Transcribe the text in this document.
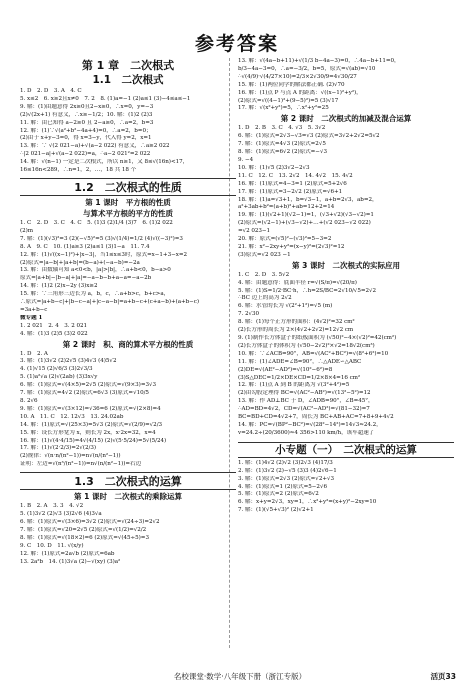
参考答案
第 1 章　二次根式
1.1　二次根式
1. D　2. D　3. A　4. C
5. x≤2　6. x≥2且x≠0　7. 2　8. (1)a=−1 (2)a≤1 (3)−4≤a≤−1
9. 解：(1)由题意得 2x≥0且2−x≥0，∴x=0，y=−3
(2)√(2x+1) 有意义，∴x≥−1/2；10. 解：(1)2 (2)3
11. 解：由已知得 a−2≥0 且 2−a≥0，∴a=2，b=3
12. 解：(1)∵√(a²+b²−4a+4)=0，∴a=2，b=0；
(2)由于 x+y−3=0，得 x=3−y，代入得 y=2，x=1
13. 解：∵ √(2 021−a)+√(a−2 022) 有意义，∴a≥2 022
∴|2 021−a|+√(a−2 022)=a，∴a−2 021²=2 022
14. 解：√(n−1) 一定是二次根式，所以 n≥1，又 8≤√(16n)<17，
16≤16n<289，∴n=1，2，…，18 共 18 个
1.2　二次根式的性质
第 1 课时　平方根的性质
与算术平方根的平方的性质
1. C　2. D　3. C　4. C　5. (1)3 (2)1/4 (3)7　6. (1)2 022
(2)m
7. 解：(1)(√3)²=3 (2)(−√5)²=5 (3)√(1/4)=1/2 (4)√((−3)²)=3
8. A　9. C　10. (1)a≥3 (2)a≤1 (3)1−a　11. 7.4
12. 解：(1)√((x−1)²)+|x−3|，当1≤x≤3时，原式=x−1+3−x=2
(2)原式=|a−b|+|a+b|=(b−a)+(−a−b)=−2a
13. 解：由数轴可知 a<0<b，|a|>|b|，∴a+b<0，b−a>0
原式=|a+b|−|b−a|+|a|=−a−b−b+a−a=−a−2b
14. 解：(1)2 (2)x−2y (3)x≥2
15. 解：∵三角形三边长为 a，b，c，∴a+b>c，b+c>a，
∴原式=|a+b−c|+|b−c−a|+|c−a−b|=a+b−c+(c+a−b)+(a+b−c)
=3a+b−c
微专题 1
1. 2 021　2. 4　3. 2 021
4. 解：(1)3 (2)5 (3)2 022
第 2 课时　积、商的算术平方根的性质
1. D　2. A
3. 解：(1)3√2 (2)2√5 (3)4√3 (4)5√2
4. (1)√15 (2)√6/3 (3)2√3/3
5. (1)a²√a (2)√(2ab) (3)3x√y
6. 解：(1)原式=√(4×5)=2√5 (2)原式=√(9×3)=3√3
7. 解：(1)原式=4√2 (2)原式=6√3 (3)原式=√10/5
8. 2√6
9. 解：(1)原式=√(3×12)=√36=6 (2)原式=√(2×8)=4
10. A　11. C　12. 12√3　13. 24.02ab
14. 解：(1)原式=√(25×3)=5√3 (2)原式=√(2/9)=√2/3
15. 解：设长方形宽为 x，则长为 2x，x·2x=32，x=4
16. 解：(1)√(4·4/15)=4√(4/15) (2)√(5·5/24)=5√(5/24)
17. 解：(1)√(2·2/3)=2√(2/3)
(2)规律：√(n·n/(n²−1))=n√(n/(n²−1))
证明：左边=√(n³/(n²−1))=n√(n/(n²−1))=右边
1.3　二次根式的运算
第 1 课时　二次根式的乘除运算
1. B　2. A　3. 3　4. √2
5. (1)3√2 (2)√3 (3)2√6 (4)3√a
6. 解：(1)原式=√(3×6)=3√2 (2)原式=√(24÷3)=2√2
7. 解：(1)原式=√20=2√5 (2)原式=√(1/2)=√2/2
8. 解：(1)原式=√(18×2)=6 (2)原式=√(45÷5)=3
9. C　10. D　11. √(x/y)
12. 解：(1)原式=2a√b (2)原式=6ab
13. 2a²b　14. (1)3√a (2)−√(xy) (3)a²
13. 解：√(4a−b+11)+√(1/3 b−4a−3)=0，∴4a−b+11=0，
b/3−4a−3=0，∴a=−3/2，b=5，原式=√(ab)=√10
∴√(4/9)·√(4/27×10)=2/3×2√30/9=4√30/27
15. 解：(1)两位同学的解法都正确. (2)√70
16. 解：(1)点 P 与点 A 的距离：√((x−1)²+y²)，
(2)原式=√((4−1)²+(9−5)²)=5 (3)√17
17. 解：√(x²+y²)=5，∴x²+y²=25
第 2 课时　二次根式的加减及混合运算
1. D　2. B　3. C　4. √3　5. 3√2
6. 解：(1)原式=2√3−√3=√3 (2)原式=3√2+2√2=5√2
7. 解：(1)原式=4√3 (2)原式=2√5
8. 解：(1)原式=6√2 (2)原式=−√3
9. −4
10. 解：(1)√5 (2)3√2−2√3
11. C　12. C　13. 2√2　14. 4√2　15. 4√2
16. 解：(1)原式=4−3=1 (2)原式=5+2√6
17. 解：(1)原式=3−2√2 (2)原式=√6+1
18. 解：(1)a=√3+1，b=√3−1，a+b=2√3，ab=2，
a²+3ab+b²=(a+b)²+ab=12+2=14
19. 解：(1)(√2+1)(√2−1)=1，(√3+√2)(√3−√2)=1
(2)原式=(√2−1)+(√3−√2)+…+(√2 023−√2 022)
=√2 023−1
20. 解：原式=(√5)²−(√3)²=5−3=2
21. 解：x²−2xy+y²=(x−y)²=(2√3)²=12
(3)原式=√2 023 −1
第 3 课时　二次根式的实际应用
1. C　2. D　3. 5√2
4. 解：由题意得：底面半径 r=√(S/π)=√(20/π)
5. 解：(1)S=1/2·BC·h，∴h=2S/BC=2√10/√5=2√2
∴BC 边上的高为 2√2
6. 解：水管的长为 √(2²+1²)=√5 (m)
7. 2√30
8. 解：(1)每个正方形的面积：(4√2)²=32 cm²
(2)长方形的周长为 2×(4√2+2√2)=12√2 cm
9. (1)制作长方体盒子的纸板面积为 (√50)²−4×(√2)²=42(cm²)
(2)长方体盒子的体积为 (√50−2√2)²×√2=18√2(cm³)
10. 解：∵∠ACB=90°，AB=√(AC²+BC²)=√(8²+6²)=10
11. 解：(1)∠ADE=∠B=90°，∴△ADE∽△ABC
(2)DE=√(AE²−AD²)=√(10²−6²)=8
(3)S△DEC=1/2×DE×CD=1/2×8×4=16 cm²
12. 解：(1)点 A 到 B 的距离为 √(3²+4²)=5
(2)由勾股定理得 BC=√(AC²−AB²)=√(13²−5²)=12
13. 解：作 AD⊥BC 于 D，∠ADB=90°，∠B=45°，
∴AD=BD=4√2，CD=√(AC²−AD²)=√(81−32)=7
BC=BD+CD=4√2+7，周长为 BC+AB+AC=7+8+9+4√2
14. 解：PC=√(BP²−BC²)=√(28²−14²)=14√3≈24.2，
v=24.2÷(20/3600)≈4 356>110 km/h，该车超速了
小专题（一）　二次根式的运算
1. 解：(1)4√2 (2)√2 (3)2√3 (4)17/3
2. 解：(1)3√2 (2)−√5 (3)3 (4)2√6−1
3. 解：(1)原式=2√3 (2)原式=√2+√3
4. 解：(1)原式=1 (2)原式=5−2√6
5. 解：(1)原式=2 (2)原式=6√2
6. 解：x+y=2√3，xy=1，∴x²+y²=(x+y)²−2xy=10
7. 解：(1)(√5+√3)² (2)√2+1
名校课堂·数学·八年级下册（浙江专版）	活页33
